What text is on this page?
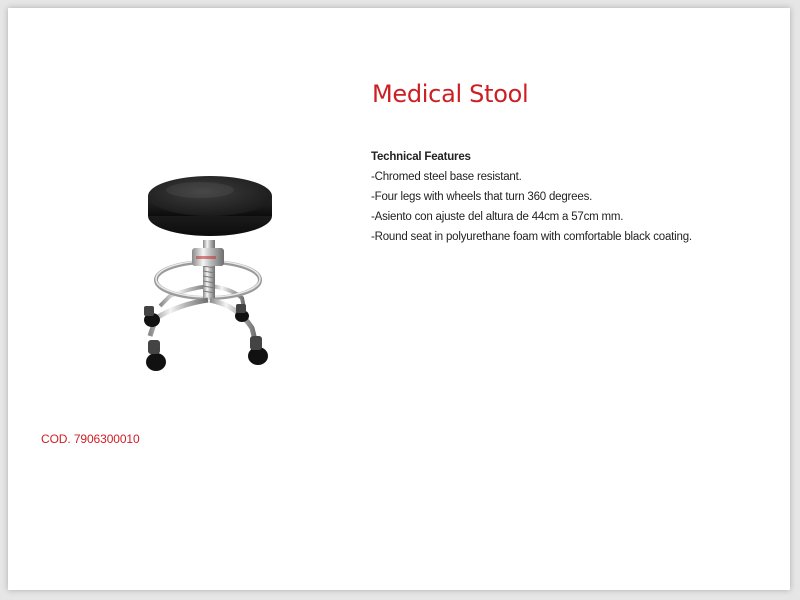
Medical Stool

Technical Features

-Chromed steel base resistant.
-Four legs with wheels that turn 360 degrees.
-Asiento con ajuste del altura de 44cm a 57cm mm.
-Round seat in polyurethane foam with comfortable black coating.
COD. 7906300010
